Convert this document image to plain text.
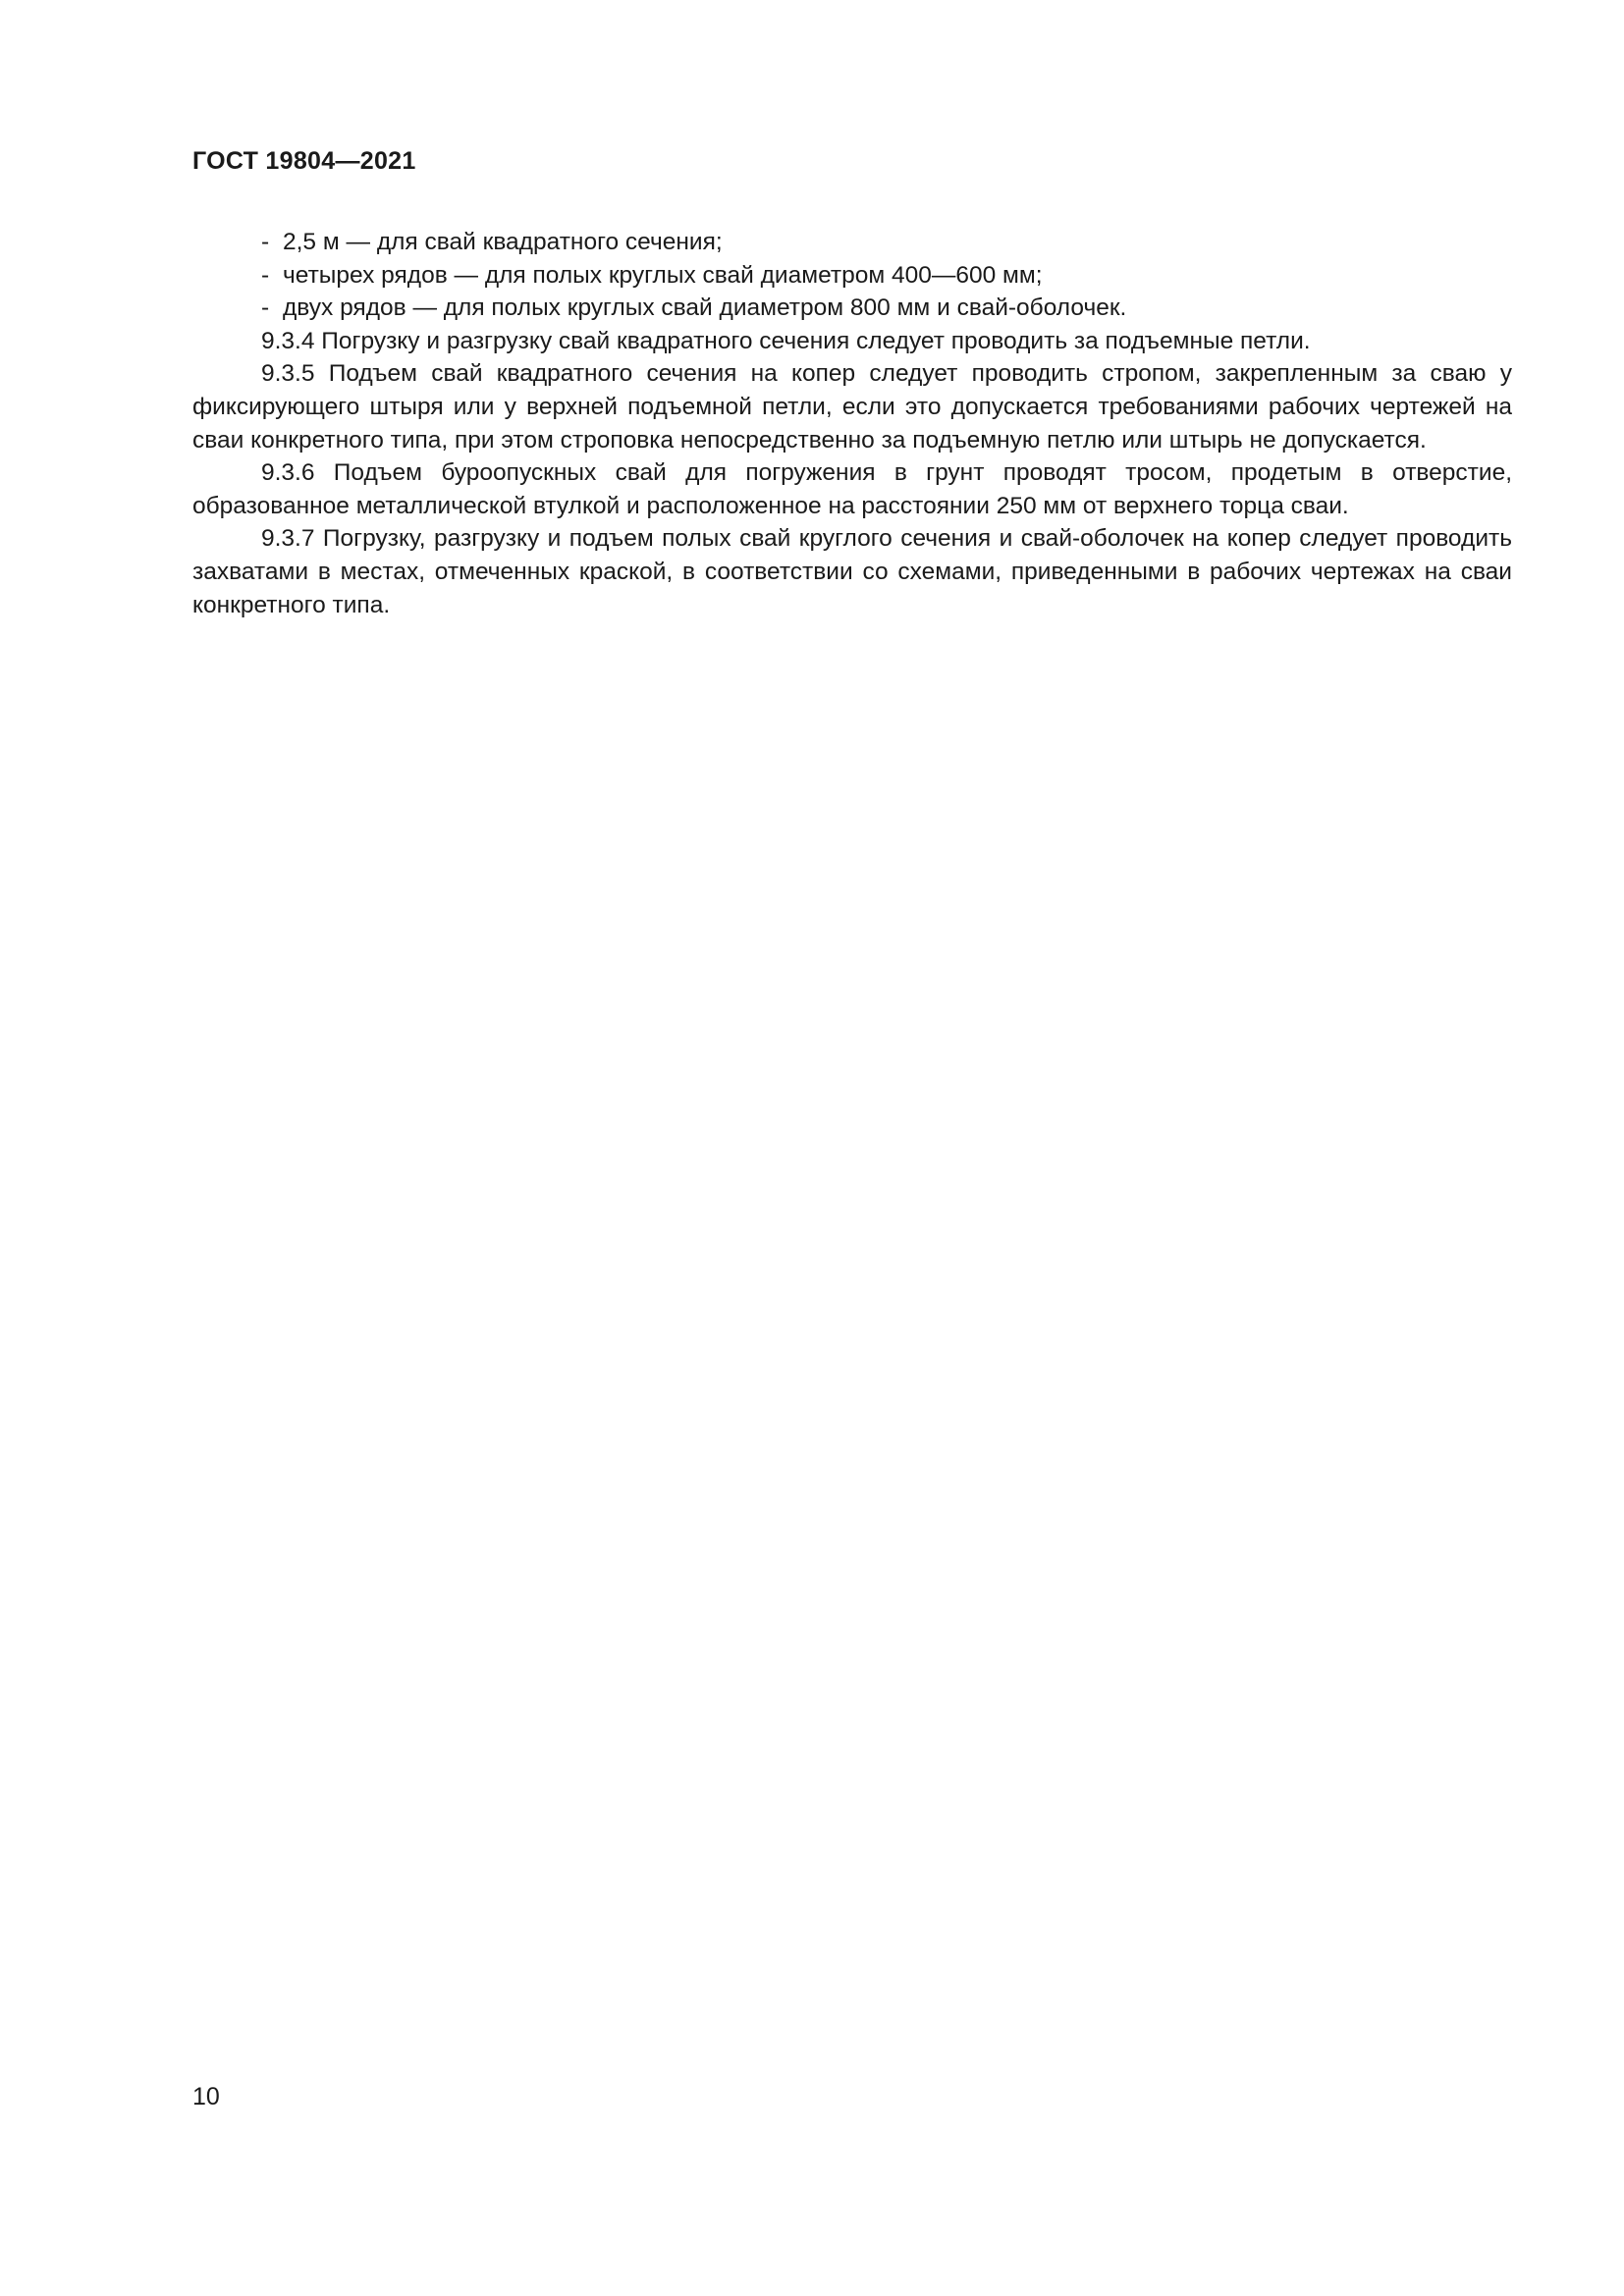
ГОСТ 19804—2021
- 2,5 м — для свай квадратного сечения;
- четырех рядов — для полых круглых свай диаметром 400—600 мм;
- двух рядов — для полых круглых свай диаметром 800 мм и свай-оболочек.

9.3.4 Погрузку и разгрузку свай квадратного сечения следует проводить за подъемные петли.

9.3.5 Подъем свай квадратного сечения на копер следует проводить стропом, закрепленным за сваю у фиксирующего штыря или у верхней подъемной петли, если это допускается требованиями рабочих чертежей на сваи конкретного типа, при этом строповка непосредственно за подъемную петлю или штырь не допускается.

9.3.6 Подъем буроопускных свай для погружения в грунт проводят тросом, продетым в отверстие, образованное металлической втулкой и расположенное на расстоянии 250 мм от верхнего торца сваи.

9.3.7 Погрузку, разгрузку и подъем полых свай круглого сечения и свай-оболочек на копер следует проводить захватами в местах, отмеченных краской, в соответствии со схемами, приведенными в рабочих чертежах на сваи конкретного типа.

10
